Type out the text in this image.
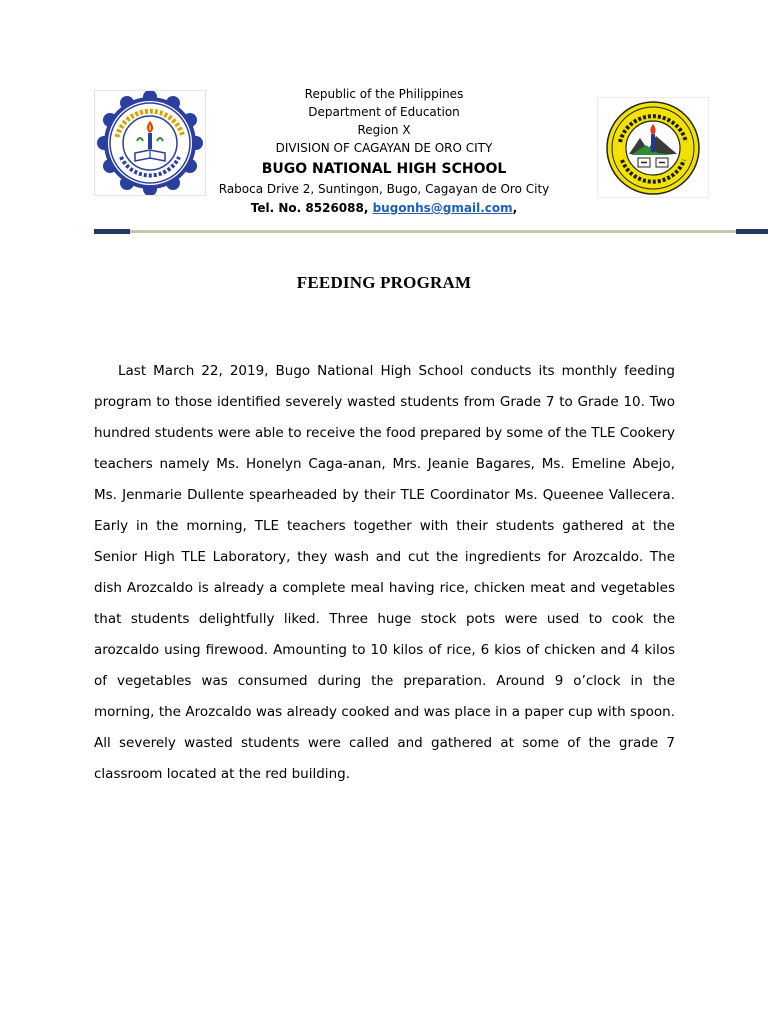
Republic of the Philippines
Department of Education
Region X
DIVISION OF CAGAYAN DE ORO CITY
BUGO NATIONAL HIGH SCHOOL
Raboca Drive 2, Suntingon, Bugo, Cagayan de Oro City
Tel. No. 8526088, bugonhs@gmail.com,
FEEDING PROGRAM

Last March 22, 2019, Bugo National High School conducts its monthly feeding program to those identified severely wasted students from Grade 7 to Grade 10. Two hundred students were able to receive the food prepared by some of the TLE Cookery teachers namely Ms. Honelyn Caga-anan, Mrs. Jeanie Bagares, Ms. Emeline Abejo, Ms. Jenmarie Dullente spearheaded by their TLE Coordinator Ms. Queenee Vallecera. Early in the morning, TLE teachers together with their students gathered at the Senior High TLE Laboratory, they wash and cut the ingredients for Arozcaldo. The dish Arozcaldo is already a complete meal having rice, chicken meat and vegetables that students delightfully liked. Three huge stock pots were used to cook the arozcaldo using firewood. Amounting to 10 kilos of rice, 6 kios of chicken and 4 kilos of vegetables was consumed during the preparation. Around 9 o’clock in the morning, the Arozcaldo was already cooked and was place in a paper cup with spoon. All severely wasted students were called and gathered at some of the grade 7 classroom located at the red building.
